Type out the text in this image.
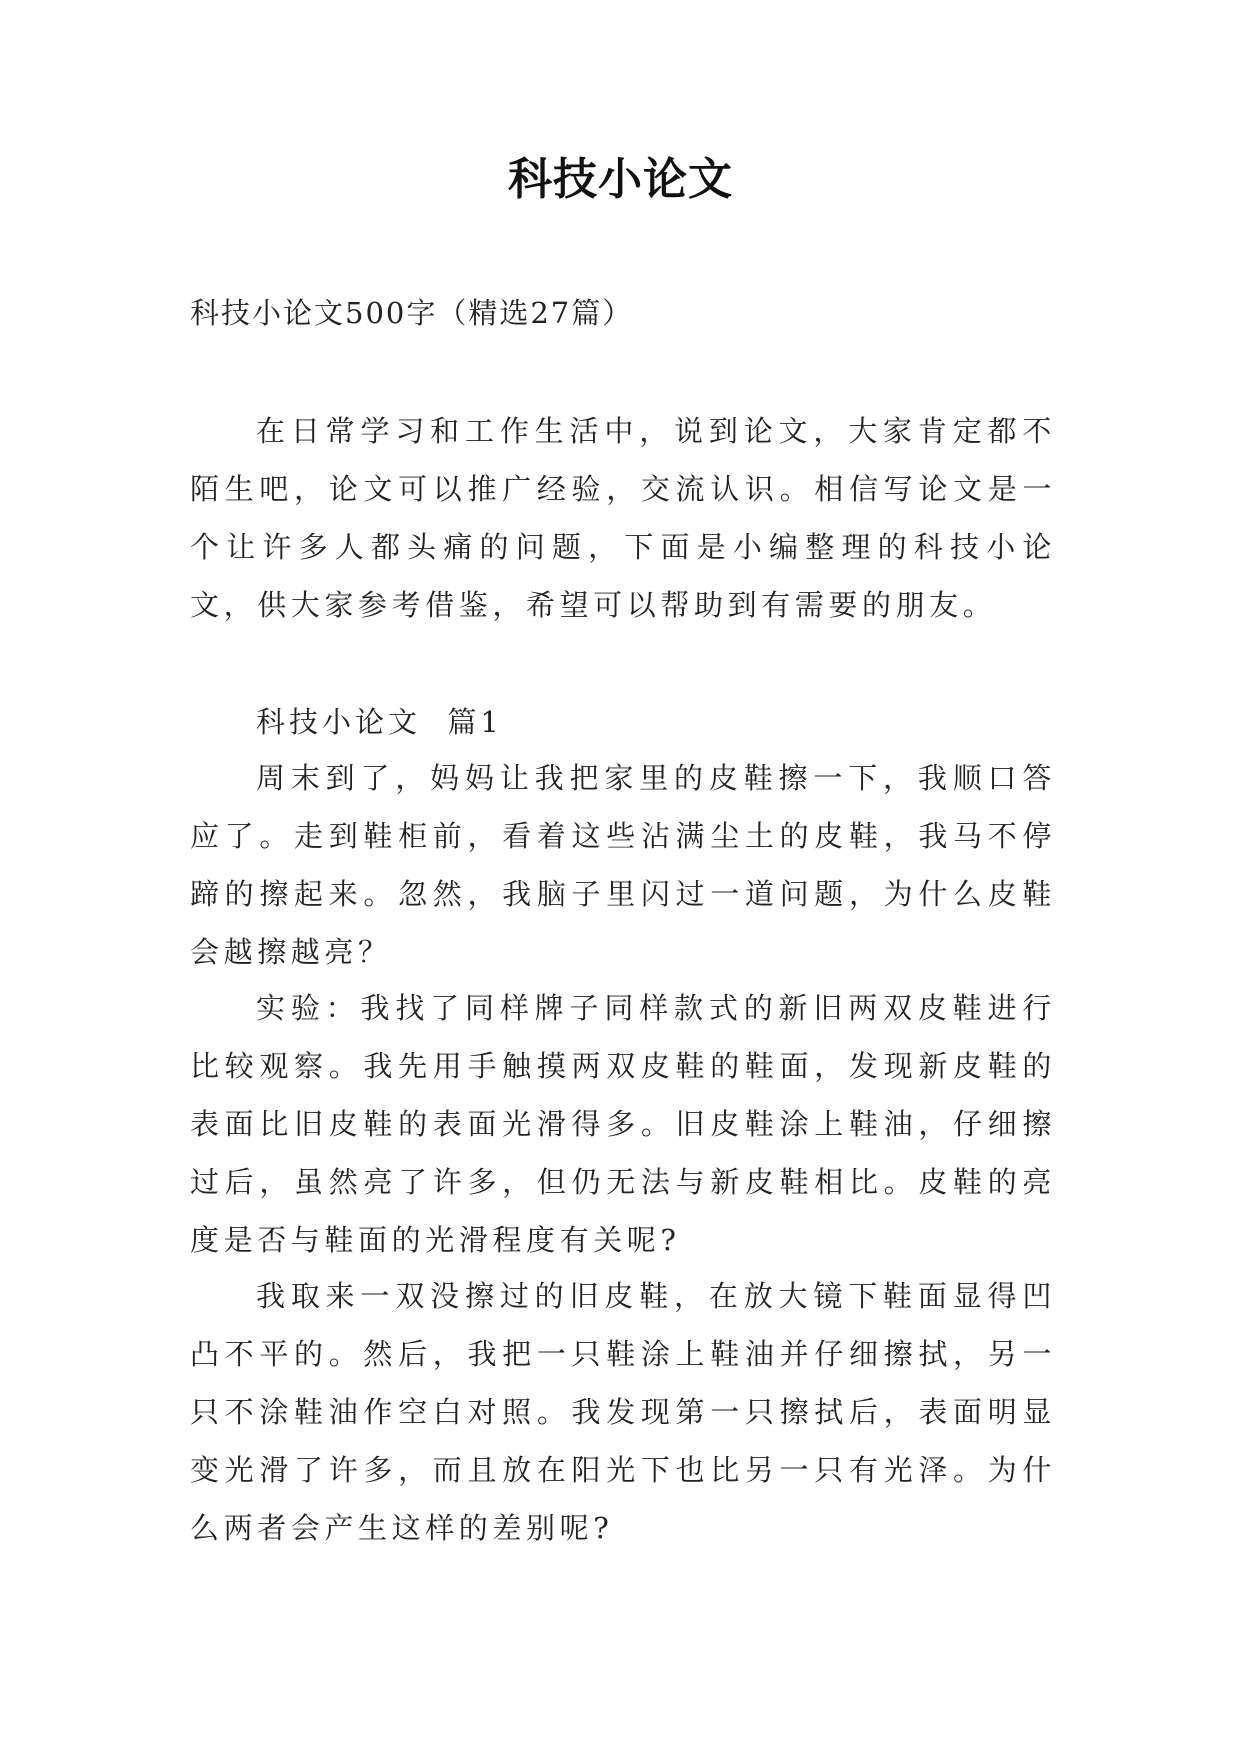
科技小论文
科技小论文500字（精选27篇）

在日常学习和工作生活中，说到论文，大家肯定都不陌生吧，论文可以推广经验，交流认识。相信写论文是一个让许多人都头痛的问题，下面是小编整理的科技小论文，供大家参考借鉴，希望可以帮助到有需要的朋友。

科技小论文  篇1

周末到了，妈妈让我把家里的皮鞋擦一下，我顺口答应了。走到鞋柜前，看着这些沾满尘土的皮鞋，我马不停蹄的擦起来。忽然，我脑子里闪过一道问题，为什么皮鞋会越擦越亮？

实验：我找了同样牌子同样款式的新旧两双皮鞋进行比较观察。我先用手触摸两双皮鞋的鞋面，发现新皮鞋的表面比旧皮鞋的表面光滑得多。旧皮鞋涂上鞋油，仔细擦过后，虽然亮了许多，但仍无法与新皮鞋相比。皮鞋的亮度是否与鞋面的光滑程度有关呢?

我取来一双没擦过的旧皮鞋，在放大镜下鞋面显得凹凸不平的。然后，我把一只鞋涂上鞋油并仔细擦拭，另一只不涂鞋油作空白对照。我发现第一只擦拭后，表面明显变光滑了许多，而且放在阳光下也比另一只有光泽。为什么两者会产生这样的差别呢?
